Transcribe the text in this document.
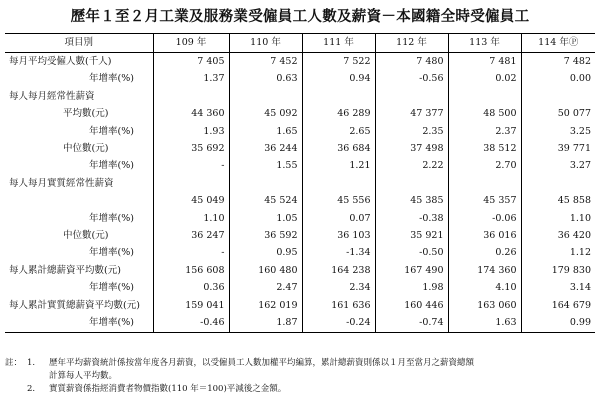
歷年１至２月工業及服務業受僱員工人數及薪資－本國籍全時受僱員工
項目別	109 年	110 年	111 年	112 年	113 年	114 年Ⓟ
每月平均受僱人數(千人)	7 405	7 452	7 522	7 480	7 481	7 482
年增率(%)	1.37	0.63	0.94	-0.56	0.02	0.00
每人每月經常性薪資						
平均數(元)	44 360	45 092	46 289	47 377	48 500	50 077
年增率(%)	1.93	1.65	2.65	2.35	2.37	3.25
中位數(元)	35 692	36 244	36 684	37 498	38 512	39 771
年增率(%)	-	1.55	1.21	2.22	2.70	3.27
每人每月實質經常性薪資						
	45 049	45 524	45 556	45 385	45 357	45 858
年增率(%)	1.10	1.05	0.07	-0.38	-0.06	1.10
中位數(元)	36 247	36 592	36 103	35 921	36 016	36 420
年增率(%)	-	0.95	-1.34	-0.50	0.26	1.12
每人累計總薪資平均數(元)	156 608	160 480	164 238	167 490	174 360	179 830
年增率(%)	0.36	2.47	2.34	1.98	4.10	3.14
每人累計實質總薪資平均數(元)	159 041	162 019	161 636	160 446	163 060	164 679
年增率(%)	-0.46	1.87	-0.24	-0.74	1.63	0.99
註： 1. 歷年平均薪資統計係按當年度各月薪資，以受僱員工人數加權平均編算，累計總薪資則係以１月至當月之薪資總額
計算每人平均數。
2. 實質薪資係指經消費者物價指數(110 年＝100)平減後之金額。
